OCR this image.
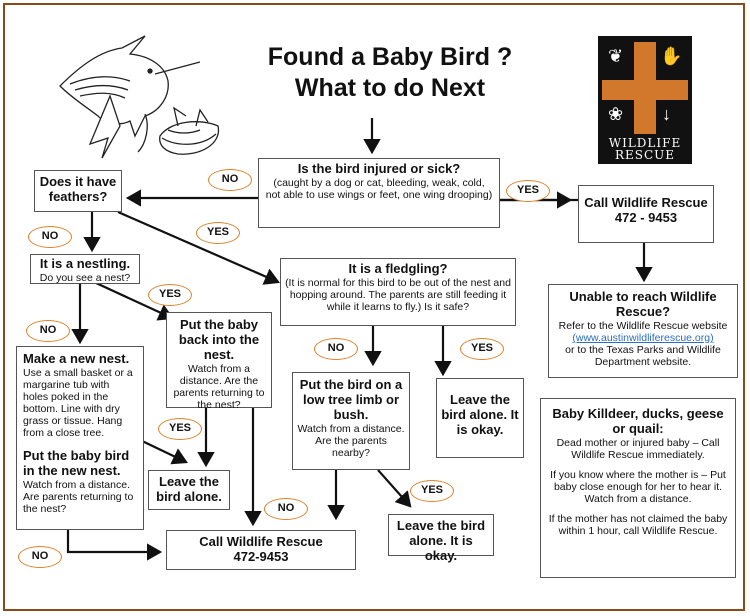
Found a Baby Bird ?
What to do Next
❦ ✋
❀ ↓
WILDLIFE
RESCUE
Is the bird injured or sick?
(caught by a dog or cat, bleeding, weak, cold, not able to use wings or feet, one wing drooping)
Does it have feathers?	Call Wildlife Rescue
472 - 9453
It is a nestling.
Do you see a nest?
It is a fledgling?
(It is normal for this bird to be out of the nest and hopping around. The parents are still feeding it while it learns to fly.) Is it safe?
Unable to reach Wildlife Rescue?
Refer to the Wildlife Rescue website
(www.austinwildliferescue.org)
or to the Texas Parks and Wildlife Department website.
Make a new nest.
Use a small basket or a margarine tub with holes poked in the bottom. Line with dry grass or tissue. Hang from a close tree.
Put the baby bird in the new nest.
Watch from a distance. Are parents returning to the nest?
Put the baby back into the nest.
Watch from a distance. Are the parents returning to the nest?
Put the bird on a low tree limb or bush.
Watch from a distance. Are the parents nearby?
Leave the bird alone. It is okay.
Baby Killdeer, ducks, geese or quail:
Dead mother or injured baby – Call Wildlife Rescue immediately.
If you know where the mother is – Put baby close enough for her to hear it. Watch from a distance.
If the mother has not claimed the baby within 1 hour, call Wildlife Rescue.
Leave the bird alone.
Leave the bird alone. It is okay.
Call Wildlife Rescue
472-9453
NO
YES
NO	YES
YES
NO
NO	YES
YES
YES
NO
NO
